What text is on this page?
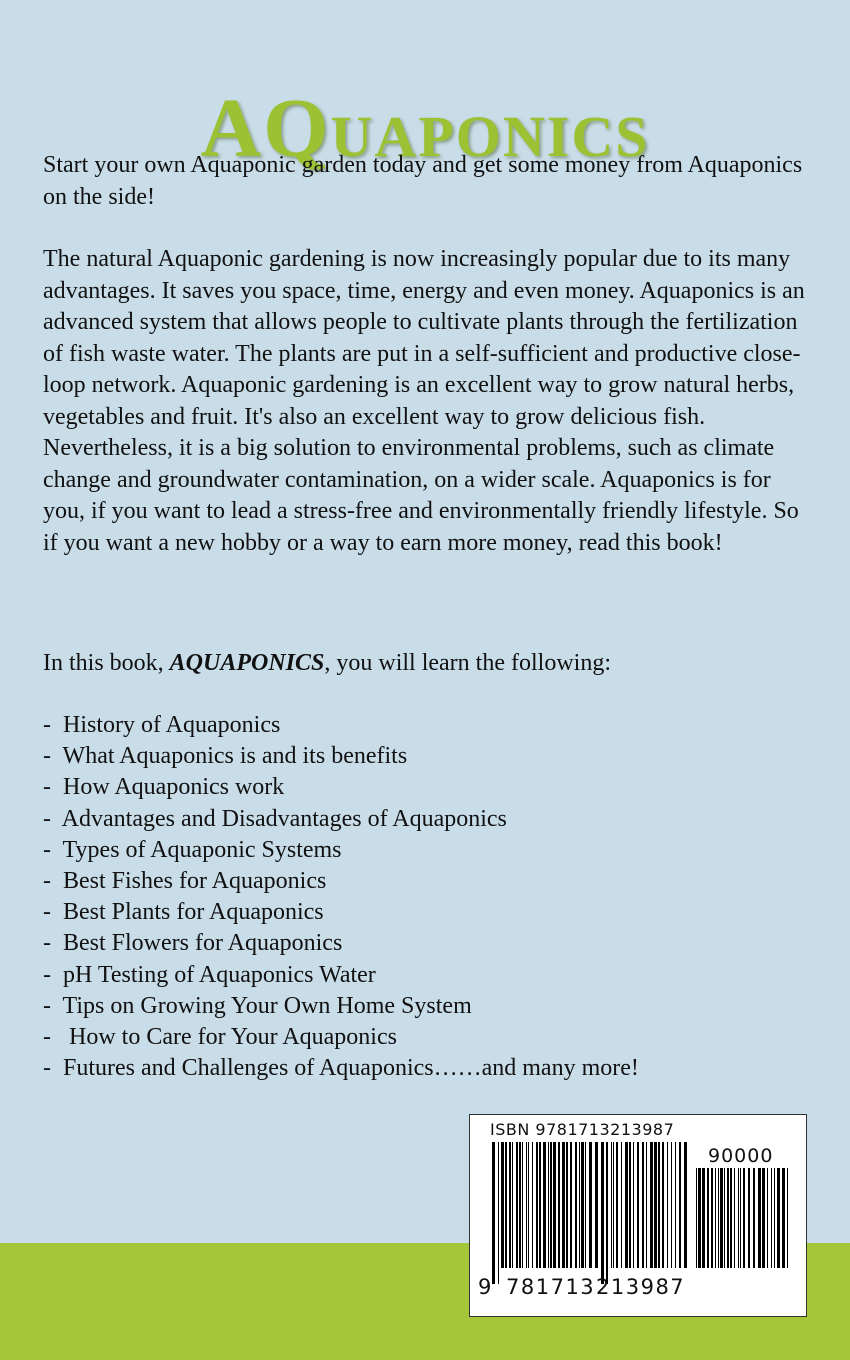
AQUAPONICS

Start your own Aquaponic garden today and get some money from Aquaponics on the side!

The natural Aquaponic gardening is now increasingly popular due to its many advantages. It saves you space, time, energy and even money. Aquaponics is an advanced system that allows people to cultivate plants through the fertilization of fish waste water. The plants are put in a self-sufficient and productive close-loop network. Aquaponic gardening is an excellent way to grow natural herbs, vegetables and fruit. It's also an excellent way to grow delicious fish. Nevertheless, it is a big solution to environmental problems, such as climate change and groundwater contamination, on a wider scale. Aquaponics is for you, if you want to lead a stress-free and environmentally friendly lifestyle. So if you want a new hobby or a way to earn more money, read this book!

In this book, AQUAPONICS, you will learn the following:

-  History of Aquaponics
-  What Aquaponics is and its benefits
-  How Aquaponics work
-  Advantages and Disadvantages of Aquaponics
-  Types of Aquaponic Systems
-  Best Fishes for Aquaponics
-  Best Plants for Aquaponics
-  Best Flowers for Aquaponics
-  pH Testing of Aquaponics Water
-  Tips on Growing Your Own Home System
-   How to Care for Your Aquaponics
-  Futures and Challenges of Aquaponics……and many more!
ISBN 9781713213987
90000
9 781713 213987
